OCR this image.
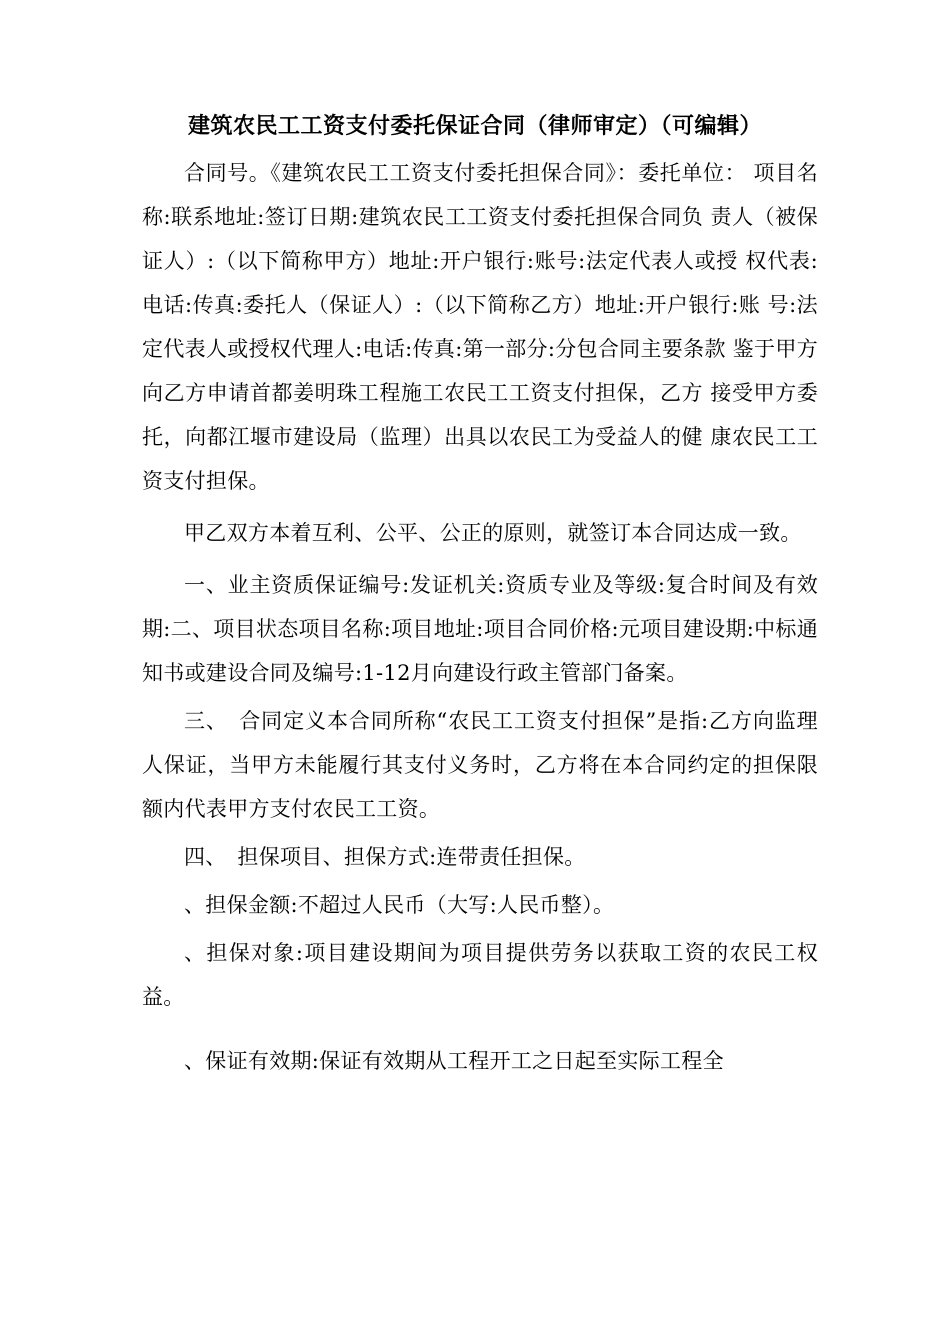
建筑农民工工资支付委托保证合同（律师审定）（可编辑）

合同号。《建筑农民工工资支付委托担保合同》：委托单位： 项目名称:联系地址:签订日期:建筑农民工工资支付委托担保合同负 责人（被保证人）:（以下简称甲方）地址:开户银行:账号:法定代表人或授 权代表:电话:传真:委托人（保证人）:（以下简称乙方）地址:开户银行:账 号:法定代表人或授权代理人:电话:传真:第一部分:分包合同主要条款 鉴于甲方向乙方申请首都姜明珠工程施工农民工工资支付担保，乙方 接受甲方委托，向都江堰市建设局（监理）出具以农民工为受益人的健 康农民工工资支付担保。

甲乙双方本着互利、公平、公正的原则，就签订本合同达成一致。

一、业主资质保证编号:发证机关:资质专业及等级:复合时间及有效期:二、项目状态项目名称:项目地址:项目合同价格:元项目建设期:中标通知书或建设合同及编号:1-12月向建设行政主管部门备案。

三、　合同定义本合同所称“农民工工资支付担保”是指:乙方向监理人保证，当甲方未能履行其支付义务时，乙方将在本合同约定的担保限额内代表甲方支付农民工工资。

四、　担保项目、担保方式:连带责任担保。

、担保金额:不超过人民币（大写:人民币整）。

、担保对象:项目建设期间为项目提供劳务以获取工资的农民工权益。

、保证有效期:保证有效期从工程开工之日起至实际工程全
